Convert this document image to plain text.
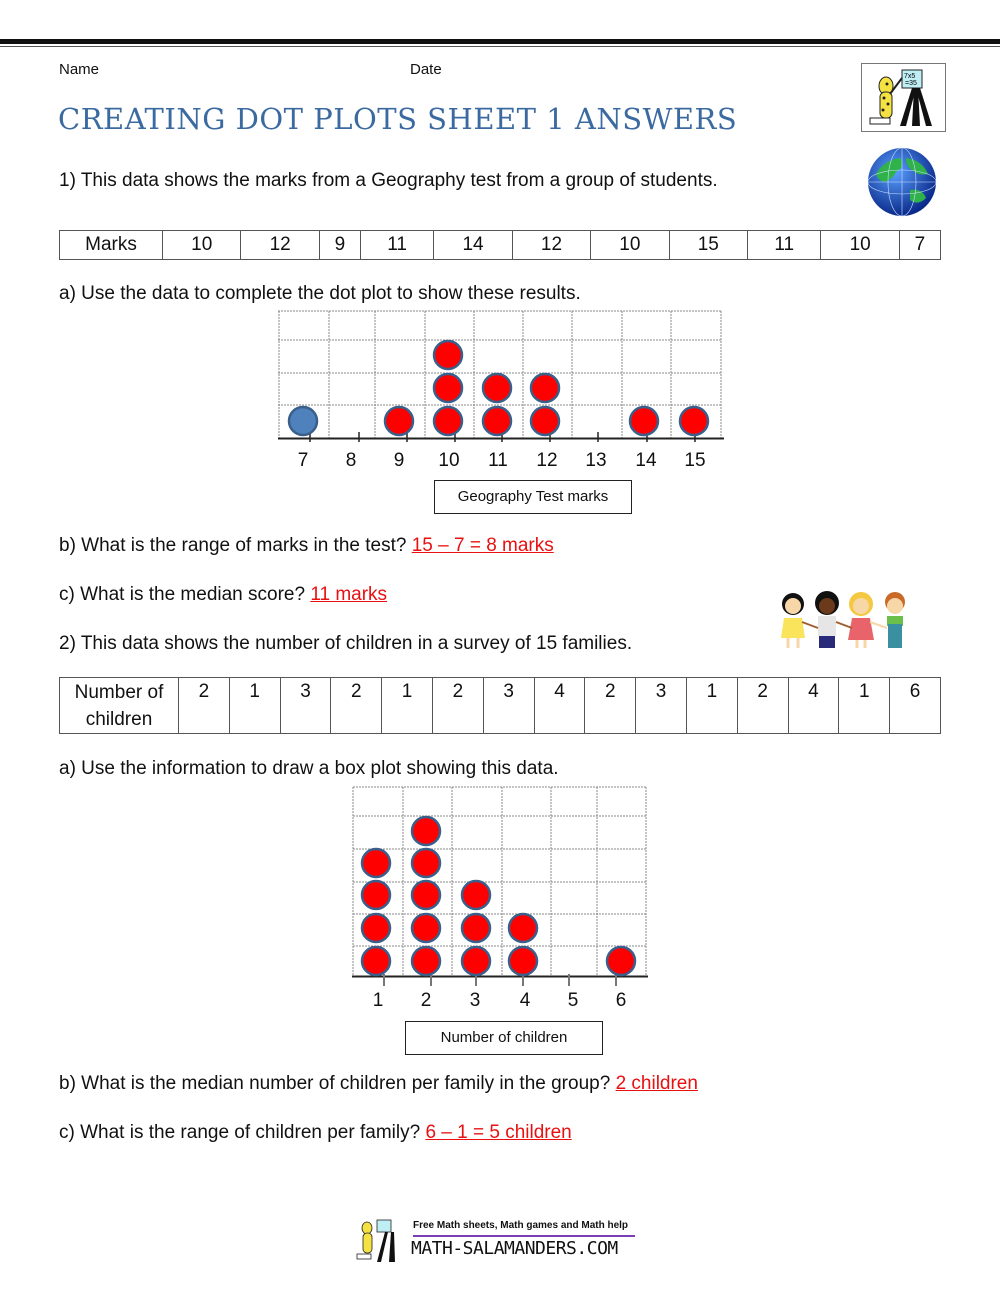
Name	Date	7x5
=35
CREATING DOT PLOTS SHEET 1 ANSWERS
1) This data shows the marks from a Geography test from a group of students.
Marks	10	12	9	11	14	12	10	15	11	10	7
a) Use the data to complete the dot plot to show these results.
7	8	9	10	11	12	13	14	15
Geography Test marks
b) What is the range of marks in the test? 15 – 7 = 8 marks
c) What is the median score? 11 marks
2) This data shows the number of children in a survey of 15 families.
Number of
children	2	1	3	2	1	2	3	4	2	3	1	2	4	1	6
a) Use the information to draw a box plot showing this data.
1	2	3	4	5	6
Number of children
b) What is the median number of children per family in the group? 2 children
c) What is the range of children per family? 6 – 1 = 5 children
Free Math sheets, Math games and Math help
MATH-SALAMANDERS.COM
